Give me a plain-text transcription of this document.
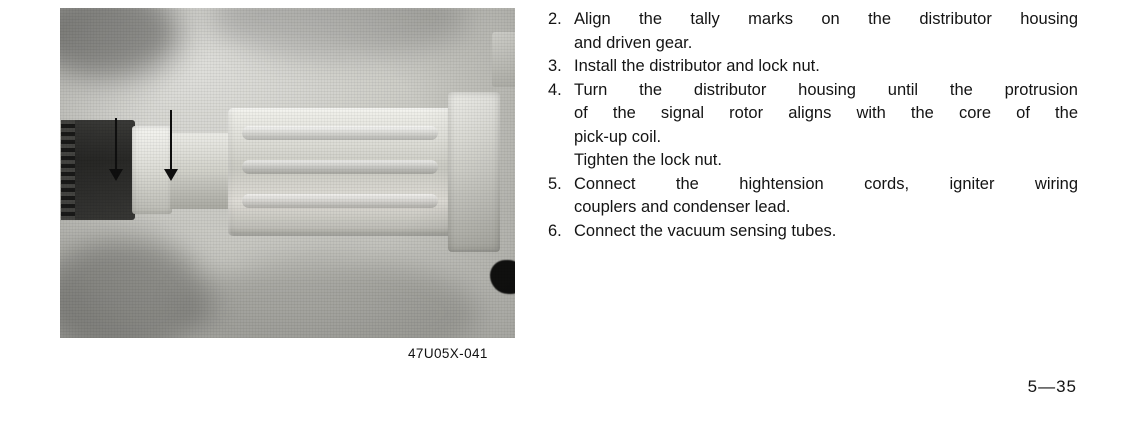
47U05X-041
2. Align the tally marks on the distributor housing
and driven gear.
3. Install the distributor and lock nut.
4. Turn the distributor housing until the protrusion
of the signal rotor aligns with the core of the
pick-up coil.
Tighten the lock nut.
5. Connect the hightension cords, igniter wiring
couplers and condenser lead.
6. Connect the vacuum sensing tubes.
5—35
